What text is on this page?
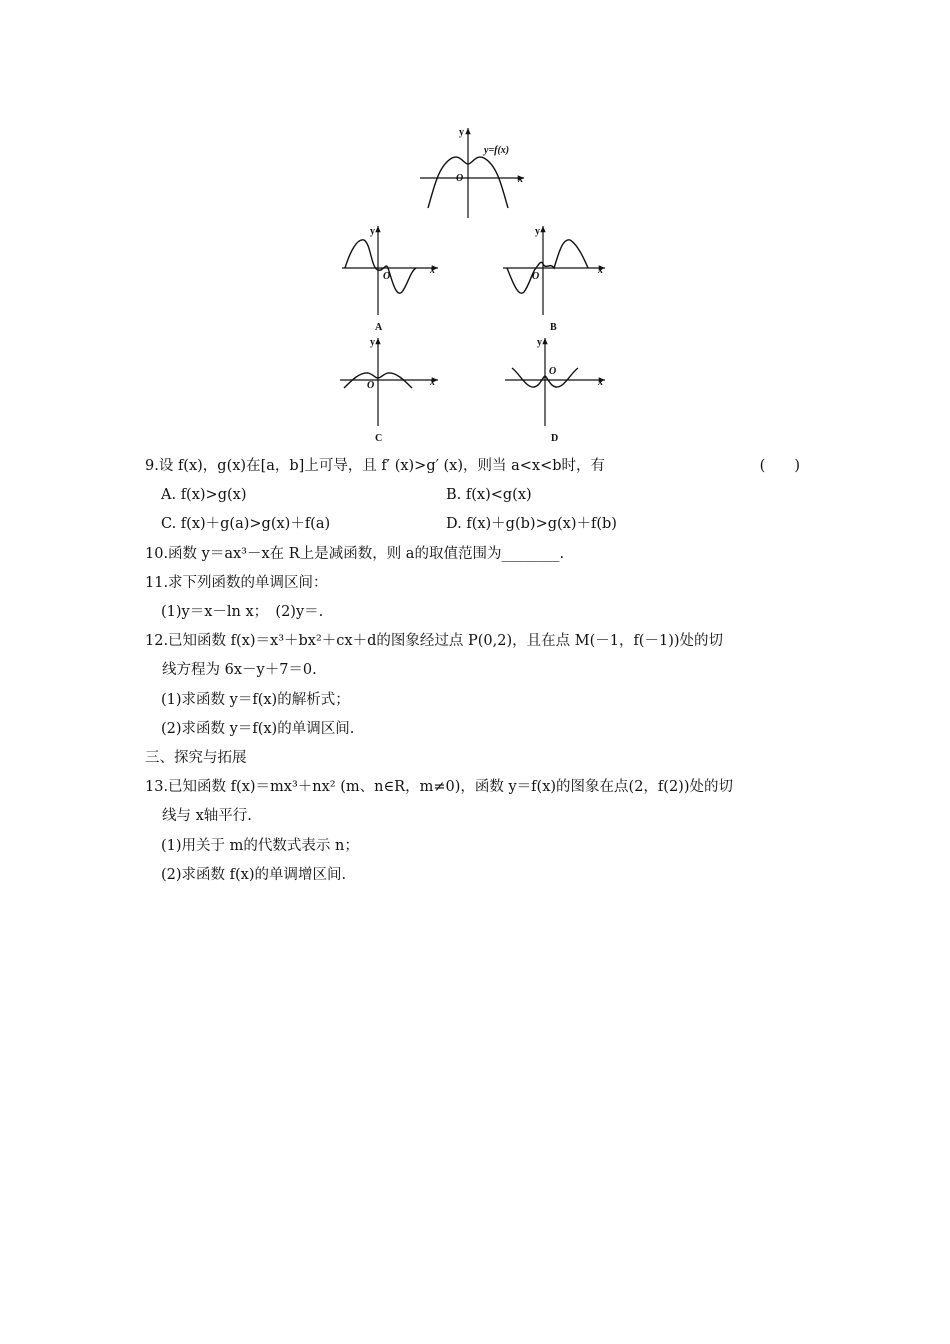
y
y=f(x)
O	x
y
O
x
A
y
O
x
B
y
O	x
C
y
O
x
D
9.设 f(x)，g(x)在[a，b]上可导，且 f′ (x)>g′ (x)，则当 a<x<b时，有	(　　)
A. f(x)>g(x)	B. f(x)<g(x)
C. f(x)＋g(a)>g(x)＋f(a)	D. f(x)＋g(b)>g(x)＋f(b)
10.函数 y＝ax³－x在 R上是减函数，则 a的取值范围为________.
11.求下列函数的单调区间：
(1)y＝x－ln x；　(2)y＝.
12.已知函数 f(x)＝x³＋bx²＋cx＋d的图象经过点 P(0,2)，且在点 M(－1，f(－1))处的切
线方程为 6x－y＋7＝0.
(1)求函数 y＝f(x)的解析式；
(2)求函数 y＝f(x)的单调区间.
三、探究与拓展
13.已知函数 f(x)＝mx³＋nx² (m、n∈R，m≠0)，函数 y＝f(x)的图象在点(2，f(2))处的切
线与 x轴平行.
(1)用关于 m的代数式表示 n；
(2)求函数 f(x)的单调增区间.
